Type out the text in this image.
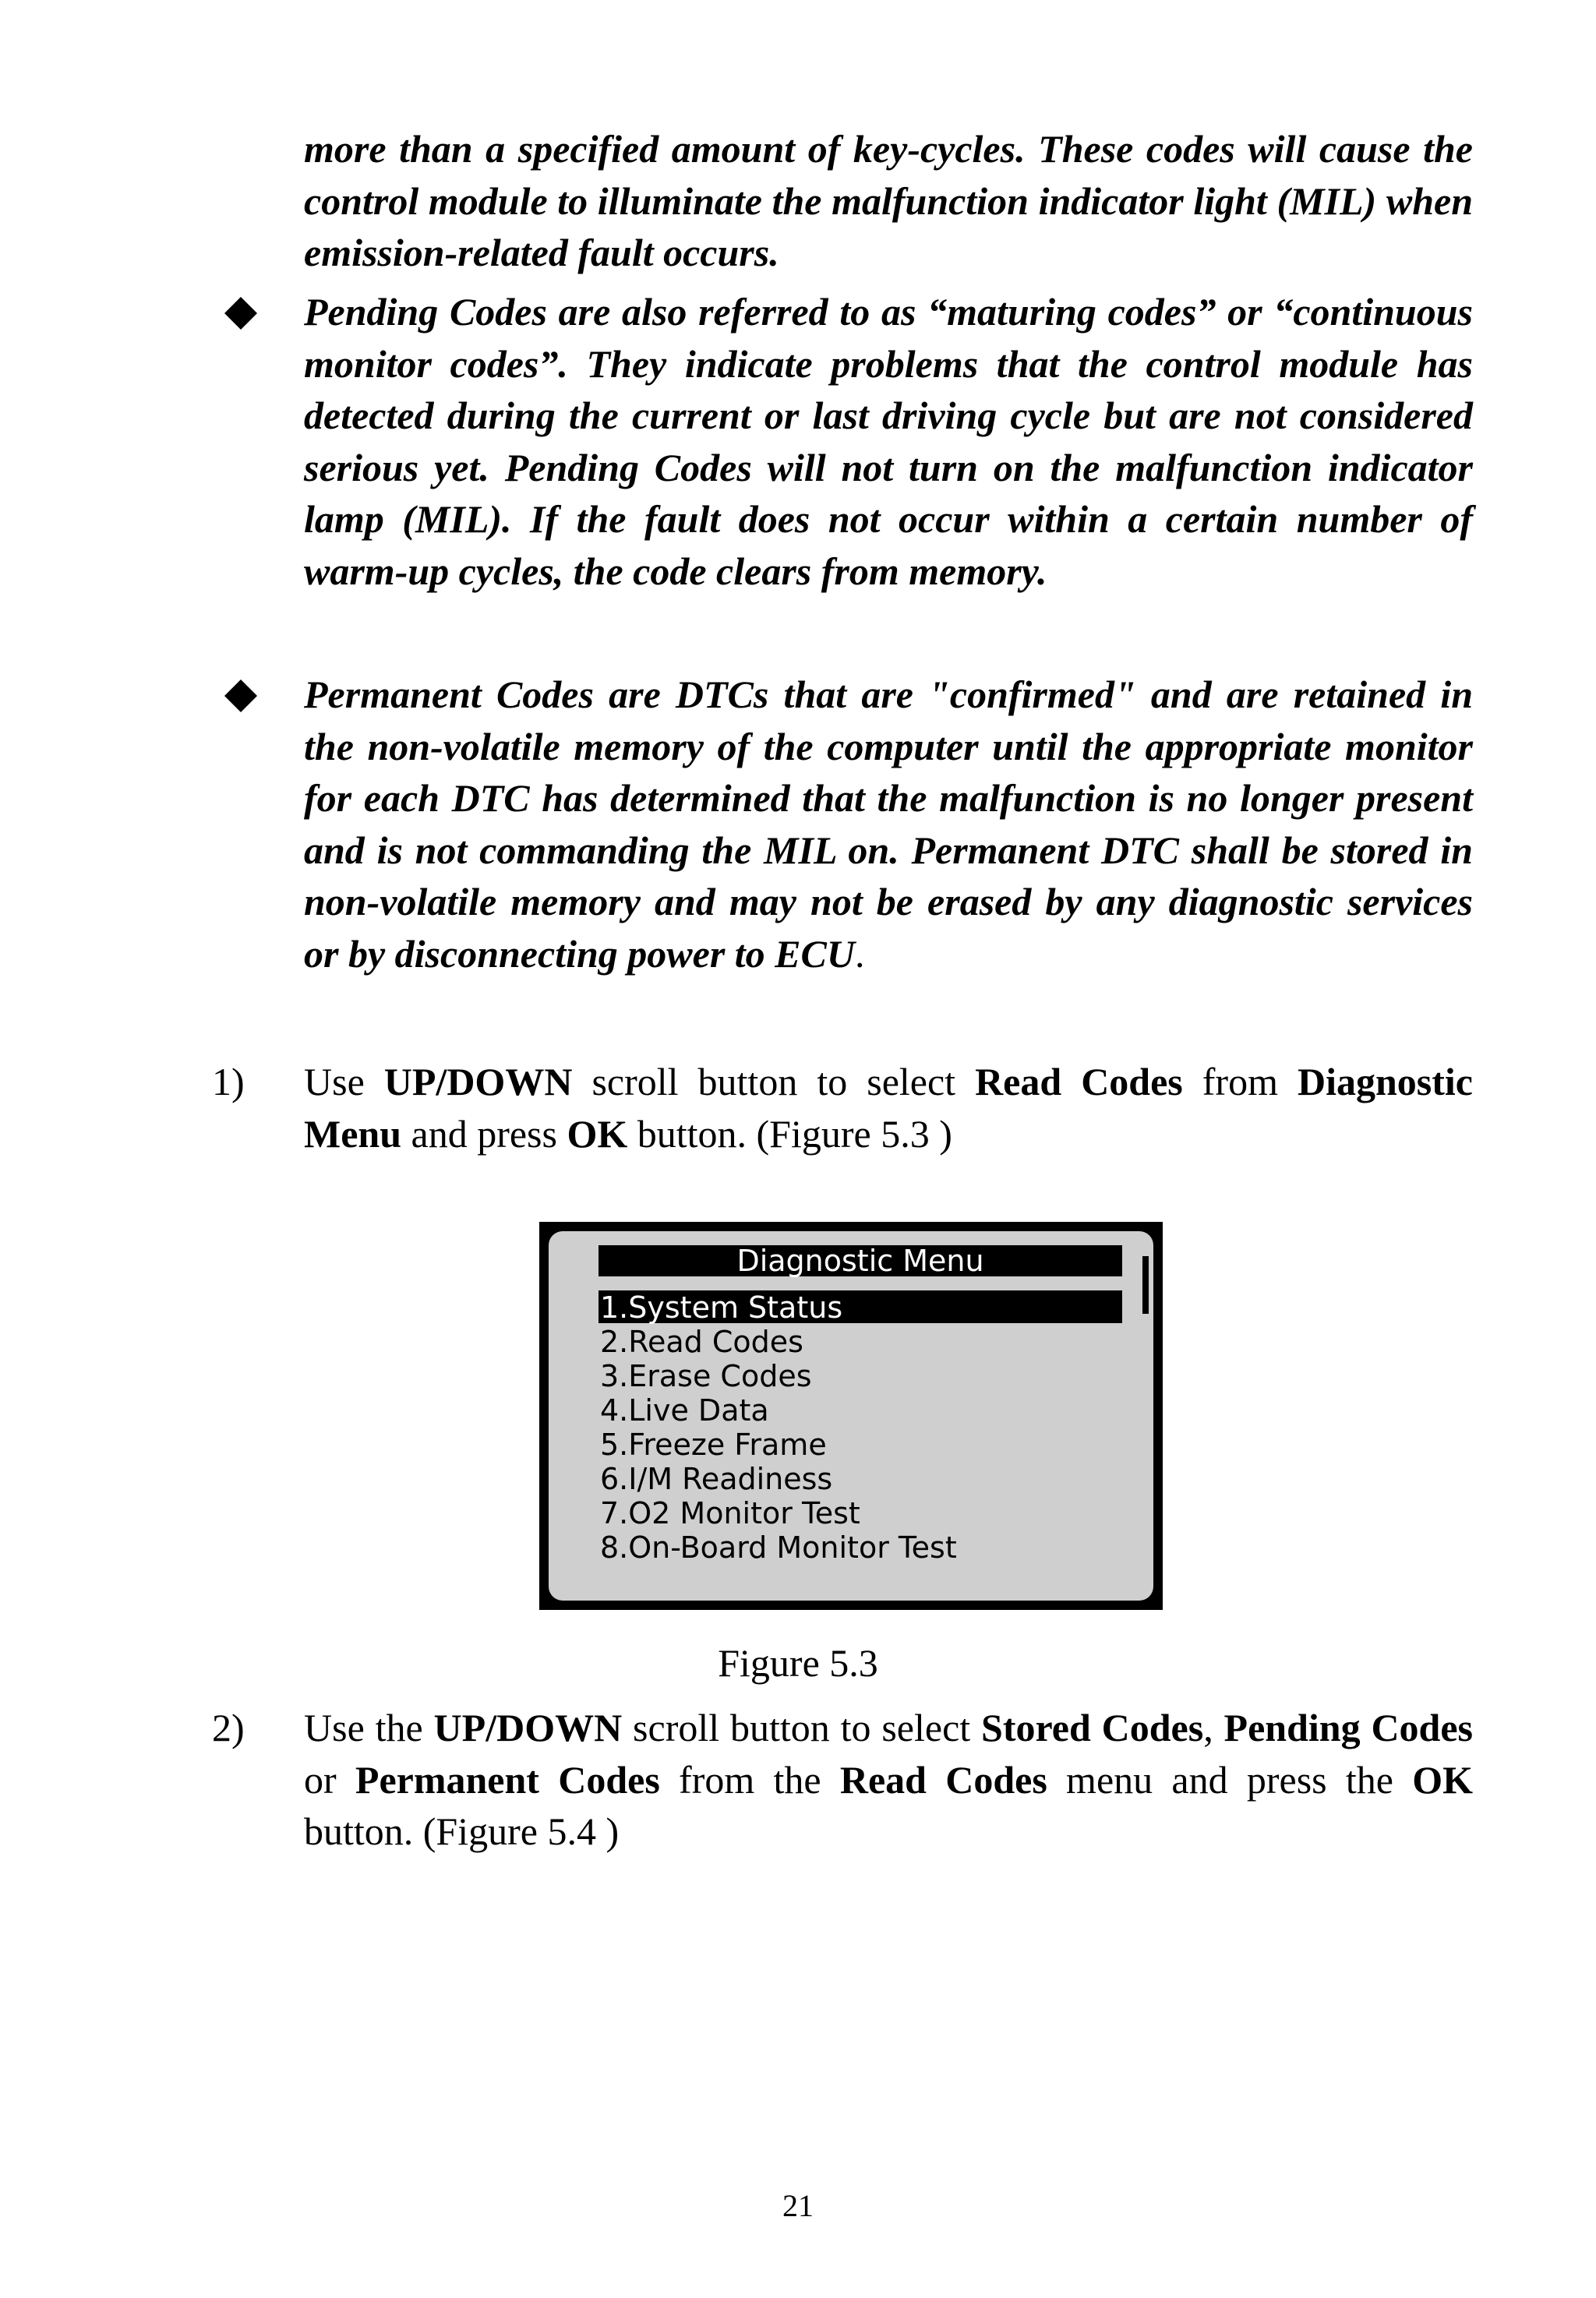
more than a specified amount of key-cycles. These codes will cause the control module to illuminate the malfunction indicator light (MIL) when emission-related fault occurs.

Pending Codes are also referred to as “maturing codes” or “continuous monitor codes”. They indicate problems that the control module has detected during the current or last driving cycle but are not considered serious yet. Pending Codes will not turn on the malfunction indicator lamp (MIL). If the fault does not occur within a certain number of warm-up cycles, the code clears from memory.

Permanent Codes are DTCs that are "confirmed" and are retained in the non-volatile memory of the computer until the appropriate monitor for each DTC has determined that the malfunction is no longer present and is not commanding the MIL on. Permanent DTC shall be stored in non-volatile memory and may not be erased by any diagnostic services or by disconnecting power to ECU.

1) Use UP/DOWN scroll button to select Read Codes from Diagnostic Menu and press OK button. (Figure 5.3 )

Diagnostic Menu
1.System Status
2.Read Codes
3.Erase Codes
4.Live Data
5.Freeze Frame
6.I/M Readiness
7.O2 Monitor Test
8.On-Board Monitor Test
Figure 5.3
2) Use the UP/DOWN scroll button to select Stored Codes, Pending Codes or Permanent Codes from the Read Codes menu and press the OK button. (Figure 5.4 )

21
